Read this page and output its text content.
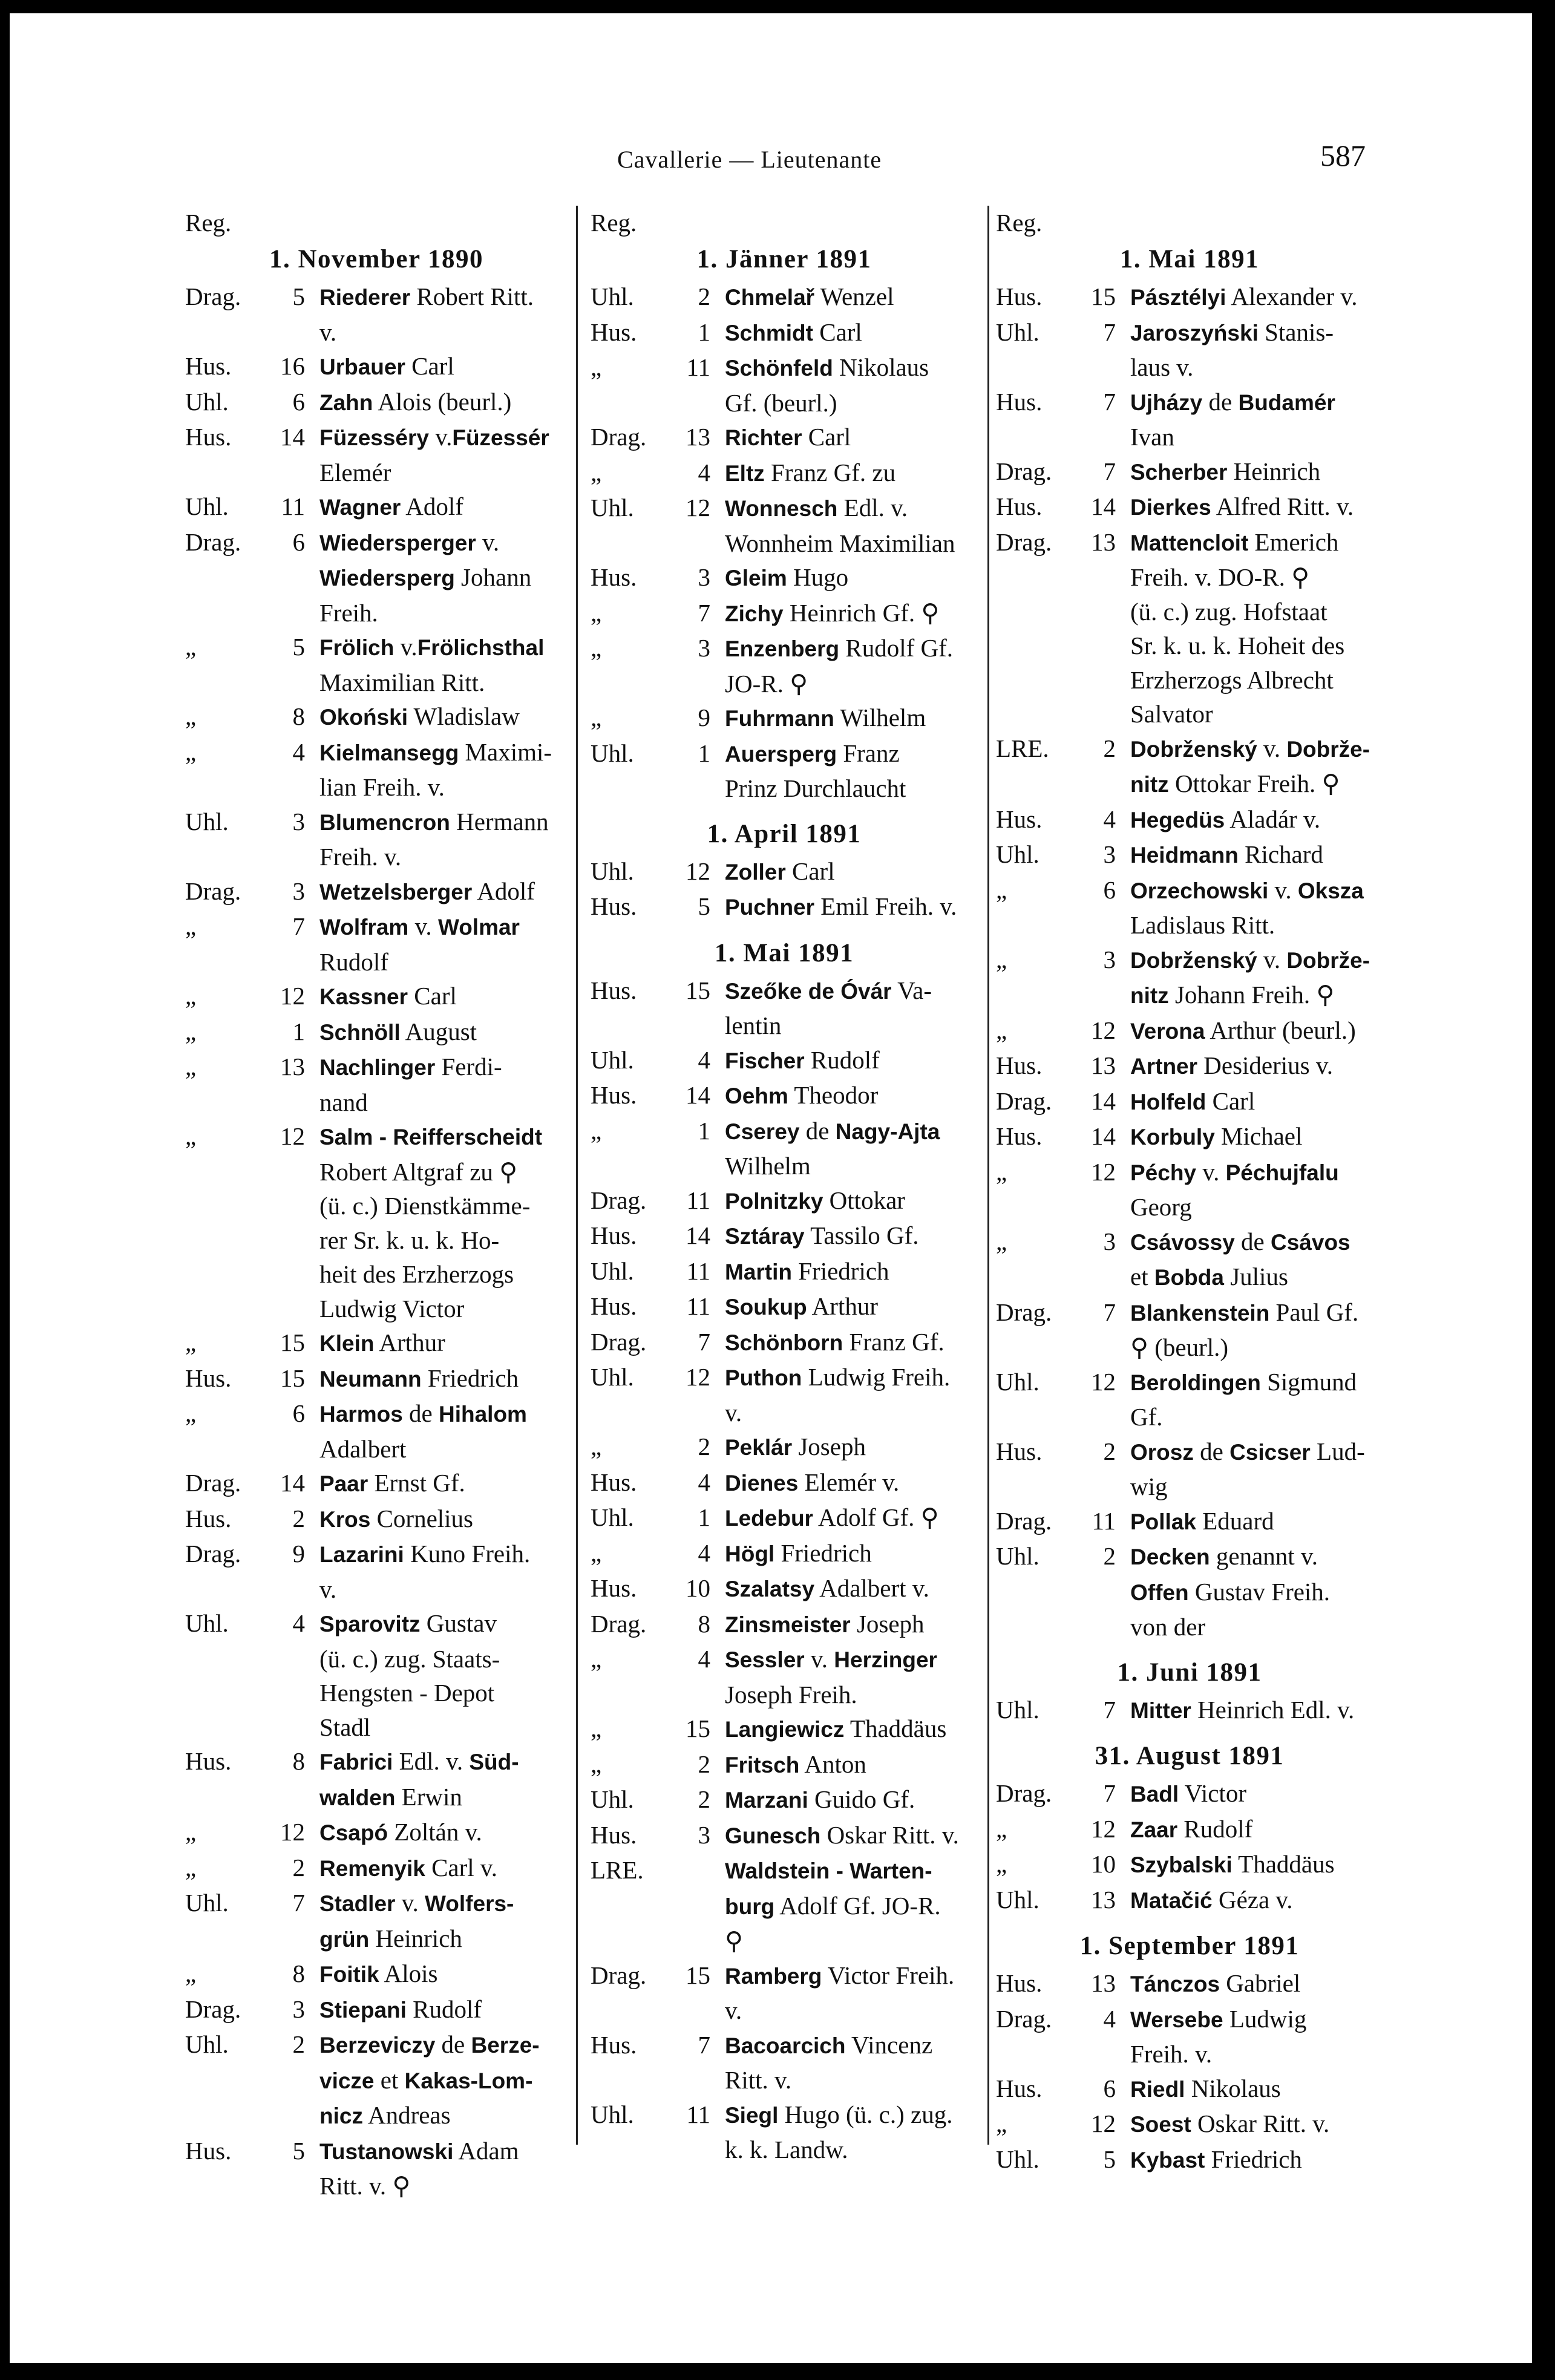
Cavallerie — Lieutenante	587
Reg.
1. November 1890
Drag.	5 Riederer Robert Ritt.
v.
Hus.	16 Urbauer Carl
Uhl.	6 Zahn Alois (beurl.)
Hus.	14 Füzesséry v.Füzessér
Elemér
Uhl.	11 Wagner Adolf
Drag.	6 Wiedersperger v.
Wiedersperg Johann
Freih.
„	5 Frölich v.Frölichsthal
Maximilian Ritt.
„	8 Okoński Wladislaw
„	4 Kielmansegg Maximi-
lian Freih. v.
Uhl.	3 Blumencron Hermann
Freih. v.
Drag.	3 Wetzelsberger Adolf
„	7 Wolfram v. Wolmar
Rudolf
„	12 Kassner Carl
„	1 Schnöll August
„	13 Nachlinger Ferdi-
nand
„	12 Salm - Reifferscheidt
Robert Altgraf zu ⚲
(ü. c.) Dienstkämme-
rer Sr. k. u. k. Ho-
heit des Erzherzogs
Ludwig Victor
„	15 Klein Arthur
Hus.	15 Neumann Friedrich
„	6 Harmos de Hihalom
Adalbert
Drag.	14 Paar Ernst Gf.
Hus.	2 Kros Cornelius
Drag.	9 Lazarini Kuno Freih.
v.
Uhl.	4 Sparovitz Gustav
(ü. c.) zug. Staats-
Hengsten - Depot
Stadl
Hus.	8 Fabrici Edl. v. Süd-
walden Erwin
„	12 Csapó Zoltán v.
„	2 Remenyik Carl v.
Uhl.	7 Stadler v. Wolfers-
grün Heinrich
„	8 Foitik Alois
Drag.	3 Stiepani Rudolf
Uhl.	2 Berzeviczy de Berze-
vicze et Kakas-Lom-
nicz Andreas
Hus.	5 Tustanowski Adam
Ritt. v. ⚲
Reg.
1. Jänner 1891
Uhl.	2 Chmelař Wenzel
Hus.	1 Schmidt Carl
„	11 Schönfeld Nikolaus
Gf. (beurl.)
Drag.	13 Richter Carl
„	4 Eltz Franz Gf. zu
Uhl.	12 Wonnesch Edl. v.
Wonnheim Maximilian
Hus.	3 Gleim Hugo
„	7 Zichy Heinrich Gf. ⚲
„	3 Enzenberg Rudolf Gf.
JO-R. ⚲
„	9 Fuhrmann Wilhelm
Uhl.	1 Auersperg Franz
Prinz Durchlaucht
1. April 1891
Uhl.	12 Zoller Carl
Hus.	5 Puchner Emil Freih. v.
1. Mai 1891
Hus.	15 Szeőke de Óvár Va-
lentin
Uhl.	4 Fischer Rudolf
Hus.	14 Oehm Theodor
„	1 Cserey de Nagy-Ajta
Wilhelm
Drag.	11 Polnitzky Ottokar
Hus.	14 Sztáray Tassilo Gf.
Uhl.	11 Martin Friedrich
Hus.	11 Soukup Arthur
Drag.	7 Schönborn Franz Gf.
Uhl.	12 Puthon Ludwig Freih.
v.
„	2 Peklár Joseph
Hus.	4 Dienes Elemér v.
Uhl.	1 Ledebur Adolf Gf. ⚲
„	4 Högl Friedrich
Hus.	10 Szalatsy Adalbert v.
Drag.	8 Zinsmeister Joseph
„	4 Sessler v. Herzinger
Joseph Freih.
„	15 Langiewicz Thaddäus
„	2 Fritsch Anton
Uhl.	2 Marzani Guido Gf.
Hus.	3 Gunesch Oskar Ritt. v.
LRE.	Waldstein - Warten-
burg Adolf Gf. JO-R.
⚲
Drag.	15 Ramberg Victor Freih.
v.
Hus.	7 Bacoarcich Vincenz
Ritt. v.
Uhl.	11 Siegl Hugo (ü. c.) zug.
k. k. Landw.
Reg.
1. Mai 1891
Hus.	15 Pásztélyi Alexander v.
Uhl.	7 Jaroszyński Stanis-
laus v.
Hus.	7 Ujházy de Budamér
Ivan
Drag.	7 Scherber Heinrich
Hus.	14 Dierkes Alfred Ritt. v.
Drag.	13 Mattencloit Emerich
Freih. v. DO-R. ⚲
(ü. c.) zug. Hofstaat
Sr. k. u. k. Hoheit des
Erzherzogs Albrecht
Salvator
LRE.	2 Dobrženský v. Dobrže-
nitz Ottokar Freih. ⚲
Hus.	4 Hegedüs Aladár v.
Uhl.	3 Heidmann Richard
„	6 Orzechowski v. Oksza
Ladislaus Ritt.
„	3 Dobrženský v. Dobrže-
nitz Johann Freih. ⚲
„	12 Verona Arthur (beurl.)
Hus.	13 Artner Desiderius v.
Drag.	14 Holfeld Carl
Hus.	14 Korbuly Michael
„	12 Péchy v. Péchujfalu
Georg
„	3 Csávossy de Csávos
et Bobda Julius
Drag.	7 Blankenstein Paul Gf.
⚲ (beurl.)
Uhl.	12 Beroldingen Sigmund
Gf.
Hus.	2 Orosz de Csicser Lud-
wig
Drag.	11 Pollak Eduard
Uhl.	2 Decken genannt v.
Offen Gustav Freih.
von der
1. Juni 1891
Uhl.	7 Mitter Heinrich Edl. v.
31. August 1891
Drag.	7 Badl Victor
„	12 Zaar Rudolf
„	10 Szybalski Thaddäus
Uhl.	13 Matačić Géza v.
1. September 1891
Hus.	13 Tánczos Gabriel
Drag.	4 Wersebe Ludwig
Freih. v.
Hus.	6 Riedl Nikolaus
„	12 Soest Oskar Ritt. v.
Uhl.	5 Kybast Friedrich
